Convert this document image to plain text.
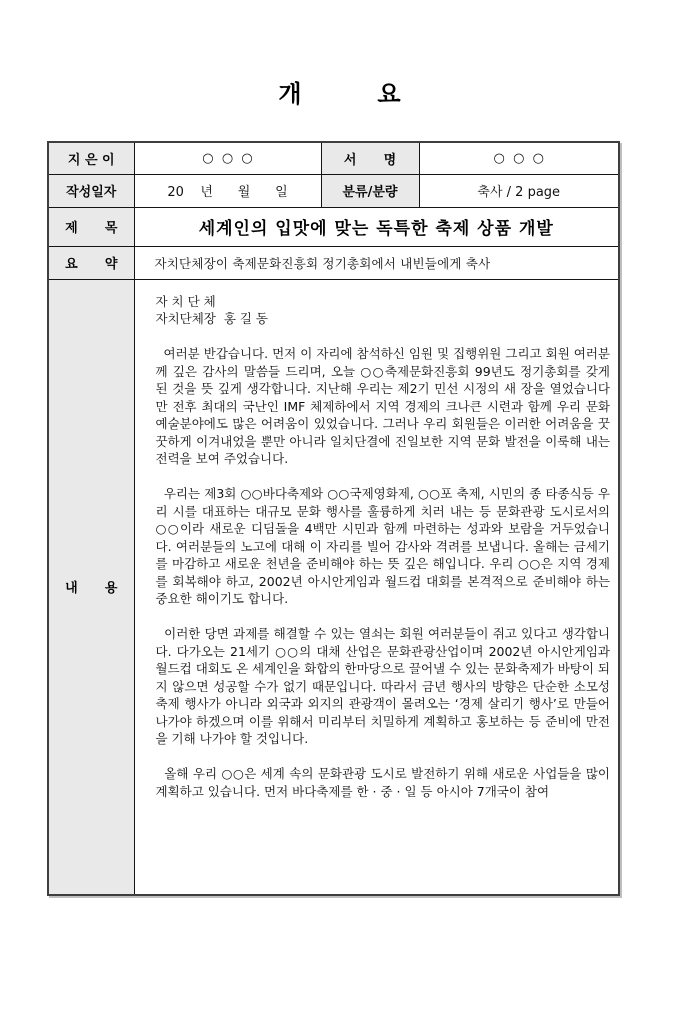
개        요
지 은 이	○  ○  ○	서      명	○  ○  ○
작성일자	20    년      월      일	분류/분량	축사 / 2 page
제      목	세계인의 입맛에 맞는 독특한 축제 상품 개발		
요      약	자치단체장이 축제문화진흥회 정기총회에서 내빈들에게 축사		
내      용	
자 치 단 체
자치단체장  홍 길 동

여러분 반갑습니다. 먼저 이 자리에 참석하신 임원 및 집행위원 그리고 회원 여러분께 깊은 감사의 말씀들 드리며, 오늘 ○○축제문화진흥회 99년도 정기총회를 갖게 된 것을 뜻 깊게 생각합니다. 지난해 우리는 제2기 민선 시정의 새 장을 열었습니다만 전후 최대의 국난인 IMF 체제하에서 지역 경제의 크나큰 시련과 함께 우리 문화예술분야에도 많은 어려움이 있었습니다. 그러나 우리 회원들은 이러한 어려움을 꿋꿋하게 이겨내었을 뿐만 아니라 일치단결에 진일보한 지역 문화 발전을 이룩해 내는 전력을 보여 주었습니다.

우리는 제3회 ○○바다축제와 ○○국제영화제, ○○포 축제, 시민의 종 타종식등 우리 시를 대표하는 대규모 문화 행사를 훌륭하게 치러 내는 등 문화관광 도시로서의 ○○이라 새로운 디딤돌을 4백만 시민과 함께 마련하는 성과와 보람을 거두었습니다. 여러분들의 노고에 대해 이 자리를 빌어 감사와 격려를 보냅니다. 올해는 금세기를 마감하고 새로운 천년을 준비해야 하는 뜻 깊은 해입니다. 우리 ○○은 지역 경제를 회복해야 하고, 2002년 아시안게임과 월드컵 대회를 본격적으로 준비해야 하는 중요한 해이기도 합니다.

이러한 당면 과제를 해결할 수 있는 열쇠는 회원 여러분들이 쥐고 있다고 생각합니다. 다가오는 21세기 ○○의 대채 산업은 문화관광산업이며 2002년 아시안게임과 월드컵 대회도 온 세계인을 화합의 한마당으로 끌어낼 수 있는 문화축제가 바탕이 되지 않으면 성공할 수가 없기 때문입니다. 따라서 금년 행사의 방향은 단순한 소모성 축제 행사가 아니라 외국과 외지의 관광객이 몰려오는 ‘경제 살리기 행사’로 만들어 나가야 하겠으며 이를 위해서 미리부터 치밀하게 계획하고 홍보하는 등 준비에 만전을 기해 나가야 할 것입니다.

올해 우리 ○○은 세계 속의 문화관광 도시로 발전하기 위해 새로운 사업들을 많이 계획하고 있습니다. 먼저 바다축제를 한 · 중 · 일 등 아시아 7개국이 참여
